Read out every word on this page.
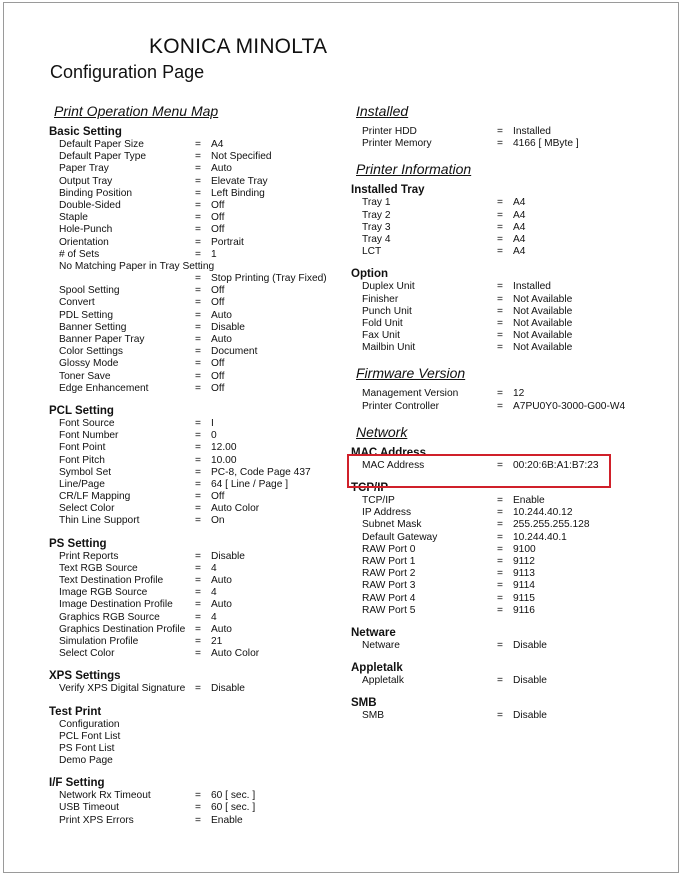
KONICA MINOLTA
Configuration Page
Print Operation Menu Map
Basic Setting
Default Paper Size	= A4
Default Paper Type	= Not Specified
Paper Tray	= Auto
Output Tray	= Elevate Tray
Binding Position	= Left Binding
Double-Sided	= Off
Staple	= Off
Hole-Punch	= Off
Orientation	= Portrait
# of Sets	= 1
No Matching Paper in Tray Setting
= Stop Printing (Tray Fixed)
Spool Setting	= Off
Convert	= Off
PDL Setting	= Auto
Banner Setting	= Disable
Banner Paper Tray	= Auto
Color Settings	= Document
Glossy Mode	= Off
Toner Save	= Off
Edge Enhancement	= Off
PCL Setting
Font Source	= I
Font Number	= 0
Font Point	= 12.00
Font Pitch	= 10.00
Symbol Set	= PC-8, Code Page 437
Line/Page	= 64 [ Line / Page ]
CR/LF Mapping	= Off
Select Color	= Auto Color
Thin Line Support	= On
PS Setting
Print Reports	= Disable
Text RGB Source	= 4
Text Destination Profile	= Auto
Image RGB Source	= 4
Image Destination Profile	= Auto
Graphics RGB Source	= 4
Graphics Destination Profile = Auto
Simulation Profile	= 21
Select Color	= Auto Color
XPS Settings
Verify XPS Digital Signature = Disable
Test Print
Configuration
PCL Font List
PS Font List
Demo Page
I/F Setting
Network Rx Timeout	= 60 [ sec. ]
USB Timeout	= 60 [ sec. ]
Print XPS Errors	= Enable
Installed
Printer HDD	= Installed
Printer Memory	= 4166 [ MByte ]
Printer Information
Installed Tray
Tray 1	= A4
Tray 2	= A4
Tray 3	= A4
Tray 4	= A4
LCT	= A4
Option
Duplex Unit	= Installed
Finisher	= Not Available
Punch Unit	= Not Available
Fold Unit	= Not Available
Fax Unit	= Not Available
Mailbin Unit	= Not Available
Firmware Version
Management Version	= 12
Printer Controller	= A7PU0Y0-3000-G00-W4
Network
MAC Address
MAC Address	= 00:20:6B:A1:B7:23
TCP/IP
TCP/IP	= Enable
IP Address	= 10.244.40.12
Subnet Mask	= 255.255.255.128
Default Gateway	= 10.244.40.1
RAW Port 0	= 9100
RAW Port 1	= 9112
RAW Port 2	= 9113
RAW Port 3	= 9114
RAW Port 4	= 9115
RAW Port 5	= 9116
Netware
Netware	= Disable
Appletalk
Appletalk	= Disable
SMB
SMB	= Disable
